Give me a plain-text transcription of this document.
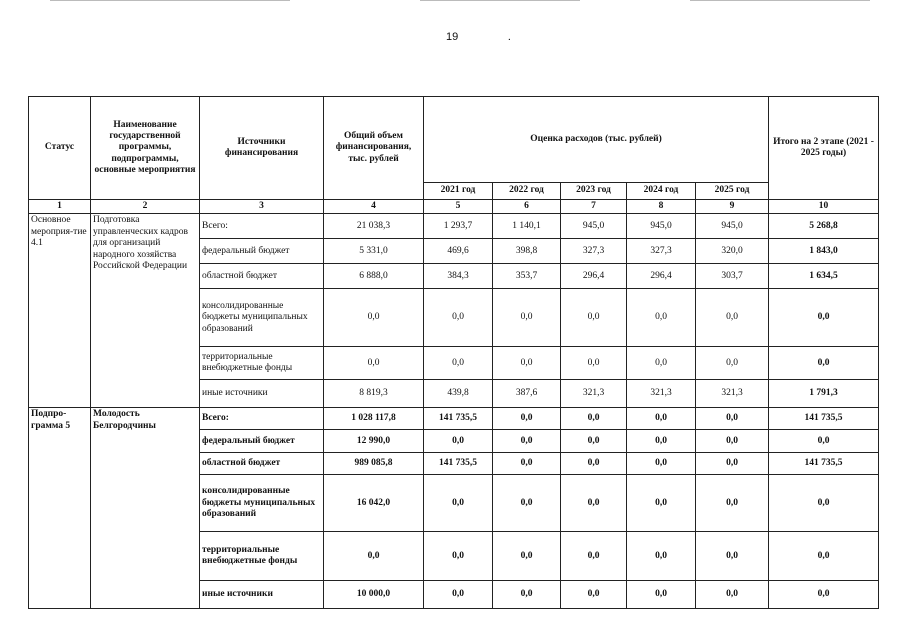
19	.
Статус	Наименование государственной программы, подпрограммы, основные мероприятия	Источники финансирования	Общий объем финансирования, тыс. рублей	Оценка расходов (тыс. рублей)					Итого на 2 этапе (2021 - 2025 годы)
				2021 год	2022 год	2023 год	2024 год	2025 год	
1	2	3	4	5	6	7	8	9	10
Основное мероприя-тие 4.1	Подготовка управленческих кадров для организаций народного хозяйства Российской Федерации	Всего:	21 038,3	1 293,7	1 140,1	945,0	945,0	945,0	5 268,8
		федеральный бюджет	5 331,0	469,6	398,8	327,3	327,3	320,0	1 843,0
		областной бюджет	6 888,0	384,3	353,7	296,4	296,4	303,7	1 634,5
		консолидированные бюджеты муниципальных образований	0,0	0,0	0,0	0,0	0,0	0,0	0,0
		территориальные внебюджетные фонды	0,0	0,0	0,0	0,0	0,0	0,0	0,0
		иные источники	8 819,3	439,8	387,6	321,3	321,3	321,3	1 791,3
Подпро-грамма 5	Молодость Белгородчины	Всего:	1 028 117,8	141 735,5	0,0	0,0	0,0	0,0	141 735,5
		федеральный бюджет	12 990,0	0,0	0,0	0,0	0,0	0,0	0,0
		областной бюджет	989 085,8	141 735,5	0,0	0,0	0,0	0,0	141 735,5
		консолидированные бюджеты муниципальных образований	16 042,0	0,0	0,0	0,0	0,0	0,0	0,0
		территориальные внебюджетные фонды	0,0	0,0	0,0	0,0	0,0	0,0	0,0
		иные источники	10 000,0	0,0	0,0	0,0	0,0	0,0	0,0
